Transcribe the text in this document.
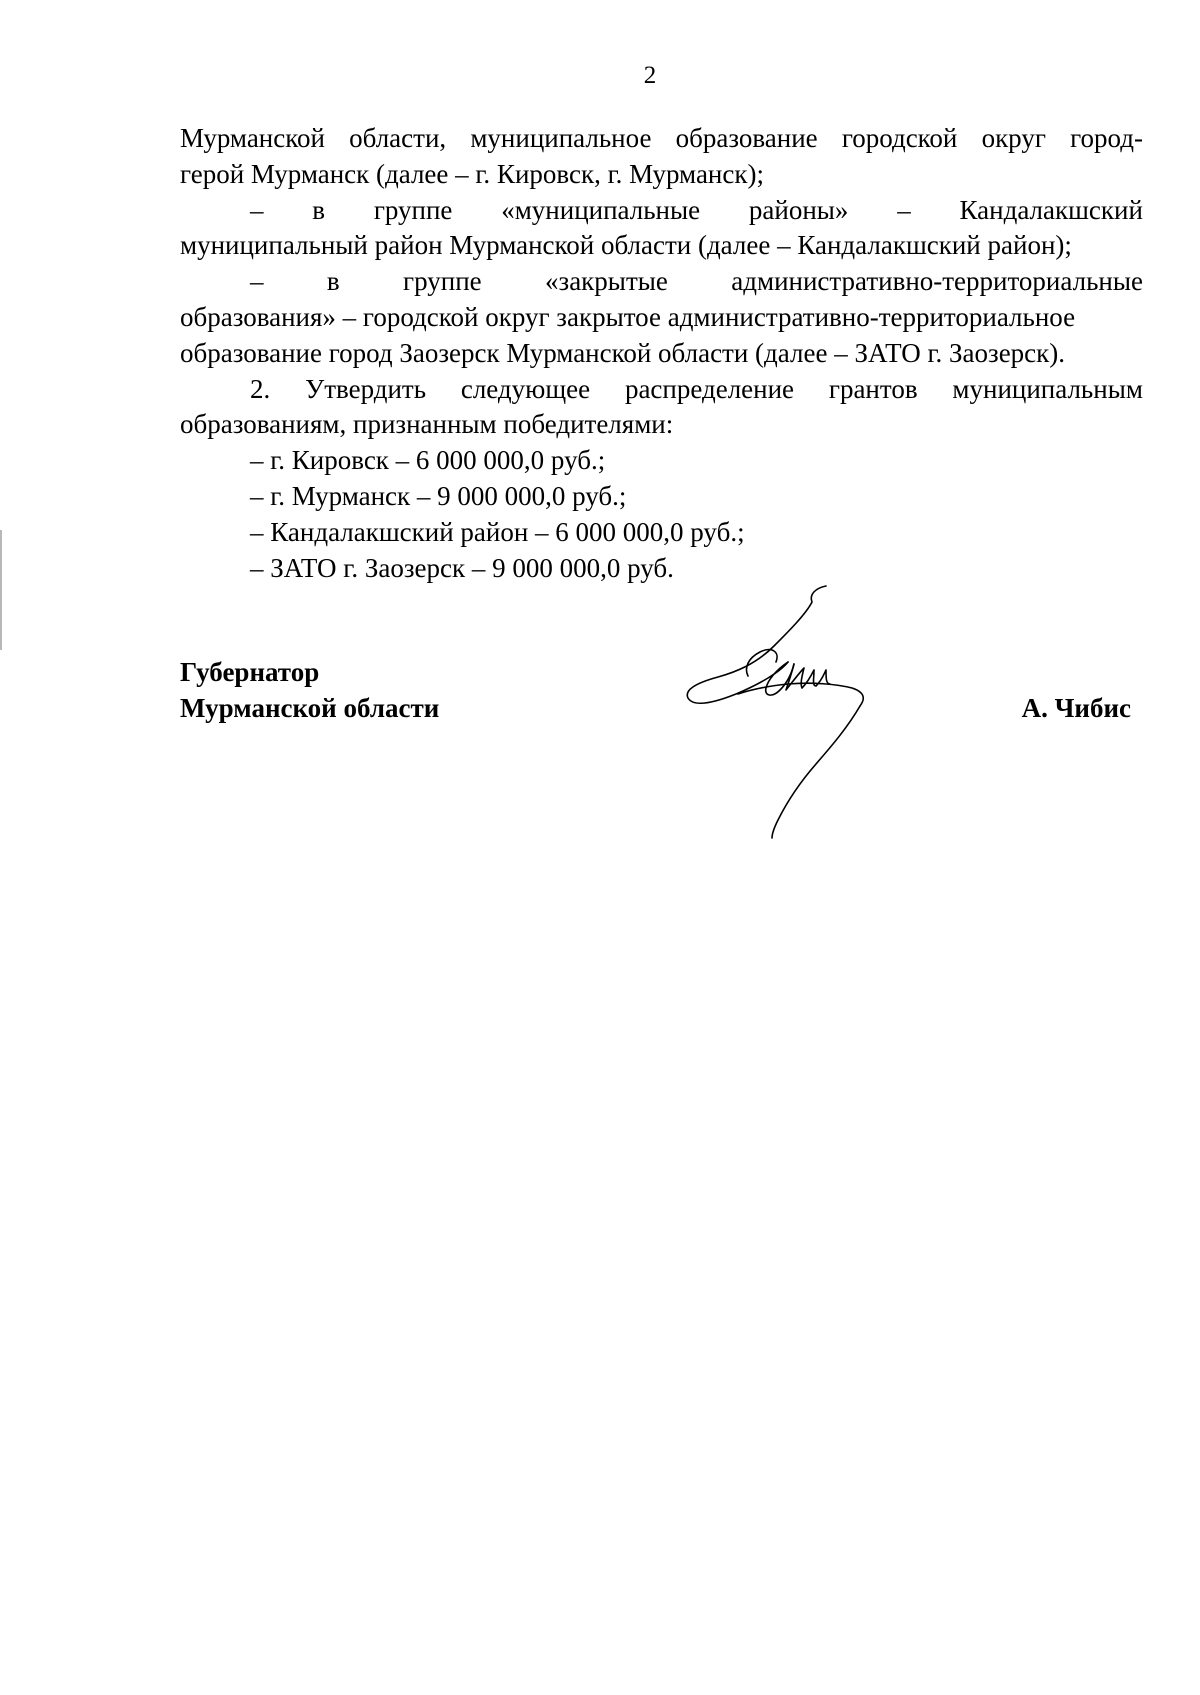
2
Мурманской области, муниципальное образование городской округ город-
герой Мурманск (далее – г. Кировск, г. Мурманск);
– в группе «муниципальные районы» – Кандалакшский
муниципальный район Мурманской области (далее – Кандалакшский район);
– в группе «закрытые административно-территориальные
образования» – городской округ закрытое административно-территориальное
образование город Заозерск Мурманской области (далее – ЗАТО г. Заозерск).
2. Утвердить следующее распределение грантов муниципальным
образованиям, признанным победителями:
– г. Кировск – 6 000 000,0 руб.;
– г. Мурманск – 9 000 000,0 руб.;
– Кандалакшский район – 6 000 000,0 руб.;
– ЗАТО г. Заозерск – 9 000 000,0 руб.
Губернатор
Мурманской области	А. Чибис
